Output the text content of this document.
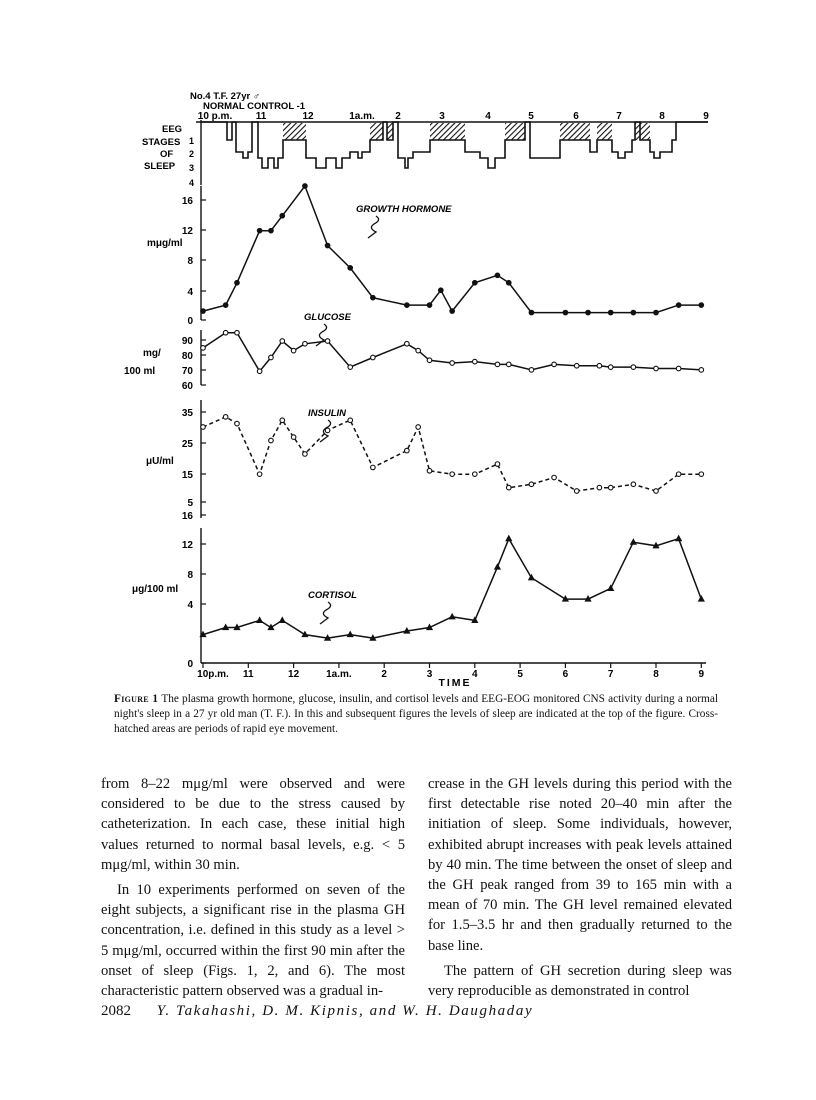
No.4 T.F. 27yr ♂
NORMAL CONTROL -1
EEG
STAGES
OF
SLEEP
1
2
3
4
10 p.m. 11	12	1a.m. 2	3	4	5	6	7	8	9
0
4
8
12
16
mμg/ml
GROWTH HORMONE
60
70
80
90
mg/
100 ml
GLUCOSE
5
15
25
35
μU/ml
INSULIN
0
4
8
12
16
μg/100 ml
CORTISOL
10p.m. 11	12	1a.m.	2	3	4	5	6	7	8	9
TIME
Figure 1 The plasma growth hormone, glucose, insulin, and cortisol levels and EEG-EOG monitored CNS activity during a normal night's sleep in a 27 yr old man (T. F.). In this and subsequent figures the levels of sleep are indicated at the top of the figure. Cross-hatched areas are periods of rapid eye movement.

from 8–22 mμg/ml were observed and were considered to be due to the stress caused by catheterization. In each case, these initial high values returned to normal basal levels, e.g. < 5 mμg/ml, within 30 min.

In 10 experiments performed on seven of the eight subjects, a significant rise in the plasma GH concentration, i.e. defined in this study as a level > 5 mμg/ml, occurred within the first 90 min after the onset of sleep (Figs. 1, 2, and 6). The most characteristic pattern observed was a gradual in-

crease in the GH levels during this period with the first detectable rise noted 20–40 min after the initiation of sleep. Some individuals, however, exhibited abrupt increases with peak levels attained by 40 min. The time between the onset of sleep and the GH peak ranged from 39 to 165 min with a mean of 70 min. The GH level remained elevated for 1.5–3.5 hr and then gradually returned to the base line.

The pattern of GH secretion during sleep was very reproducible as demonstrated in control

2082 Y. Takahashi, D. M. Kipnis, and W. H. Daughaday
